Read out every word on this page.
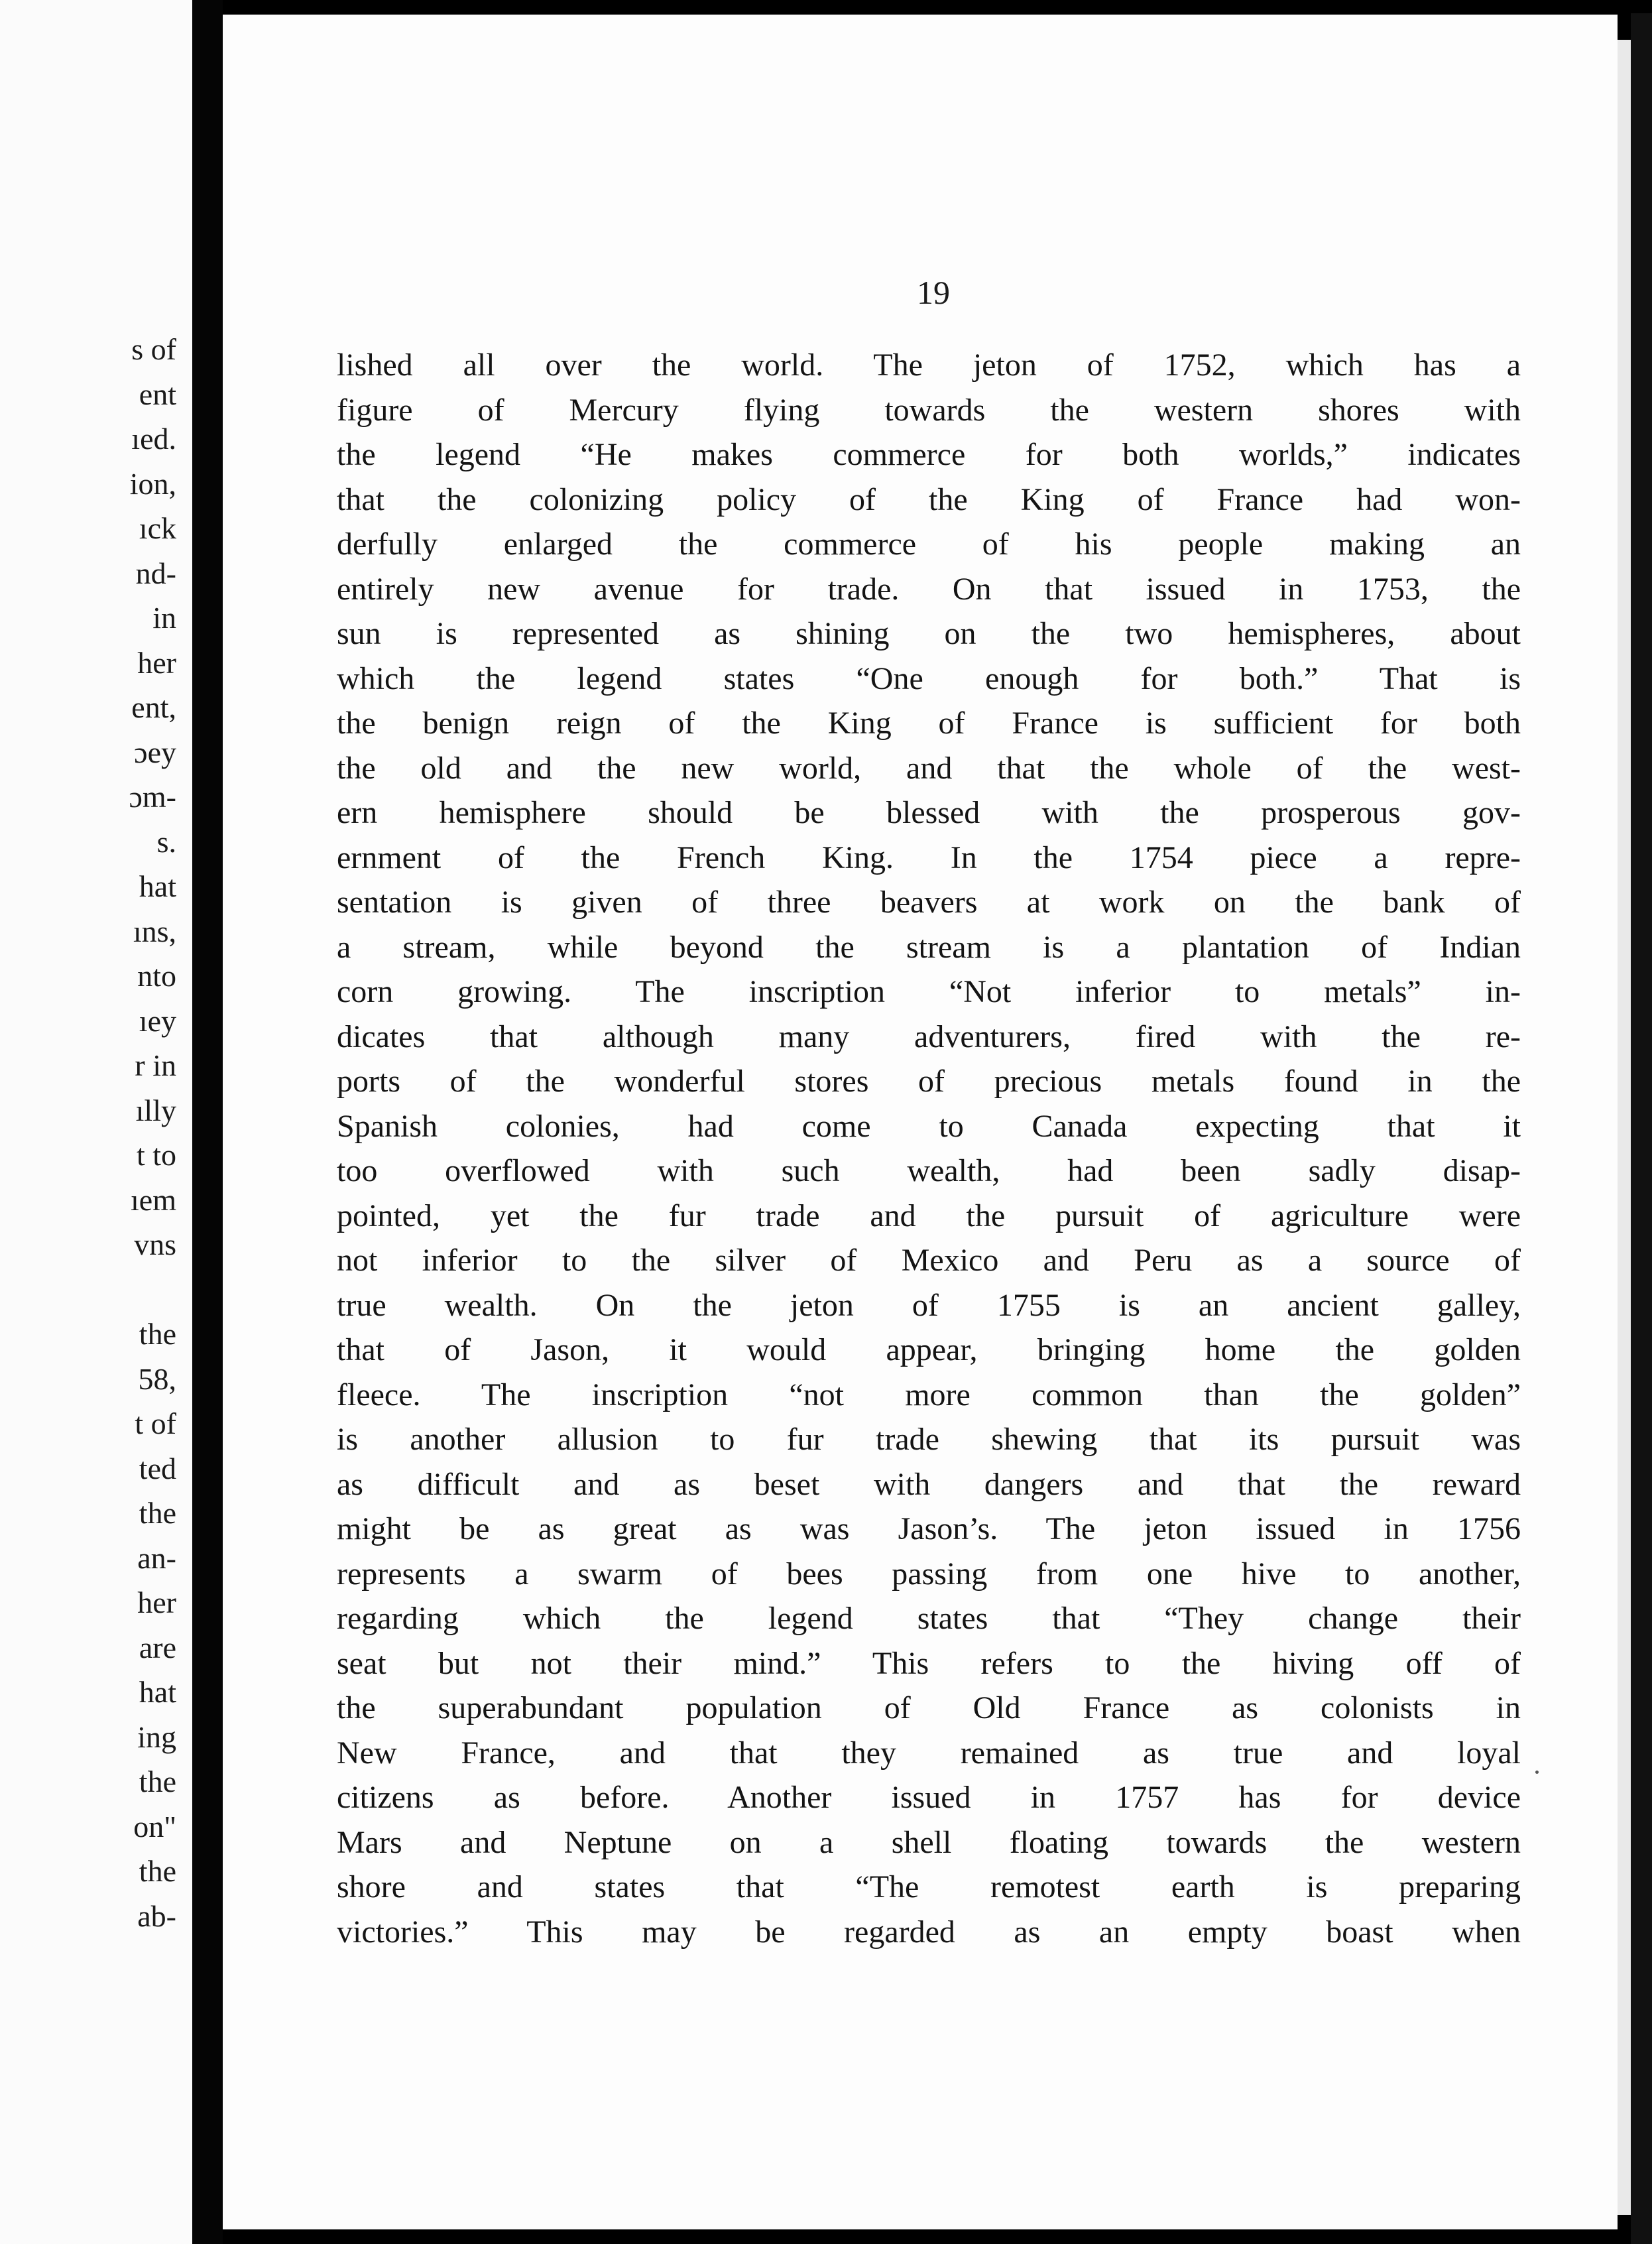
s of
ent
ıed.
ion,
ıck
nd-
in
her
ent,
ɔey
ɔm-
s.
hat
ıns,
nto
ıey
r in
ılly
t to
ıem
vns
the
58,
t of
ted
the
an-
her
are
hat
ing
the
on"
the
ab-
19
lished all over the world. The jeton of 1752, which has a
figure of Mercury flying towards the western shores with
the legend “He makes commerce for both worlds,” indicates
that the colonizing policy of the King of France had won-
derfully enlarged the commerce of his people making an
entirely new avenue for trade. On that issued in 1753, the
sun is represented as shining on the two hemispheres, about
which the legend states “One enough for both.” That is
the benign reign of the King of France is sufficient for both
the old and the new world, and that the whole of the west-
ern hemisphere should be blessed with the prosperous gov-
ernment of the French King. In the 1754 piece a repre-
sentation is given of three beavers at work on the bank of
a stream, while beyond the stream is a plantation of Indian
corn growing. The inscription “Not inferior to metals” in-
dicates that although many adventurers, fired with the re-
ports of the wonderful stores of precious metals found in the
Spanish colonies, had come to Canada expecting that it
too overflowed with such wealth, had been sadly disap-
pointed, yet the fur trade and the pursuit of agriculture were
not inferior to the silver of Mexico and Peru as a source of
true wealth. On the jeton of 1755 is an ancient galley,
that of Jason, it would appear, bringing home the golden
fleece. The inscription “not more common than the golden”
is another allusion to fur trade shewing that its pursuit was
as difficult and as beset with dangers and that the reward
might be as great as was Jason’s. The jeton issued in 1756
represents a swarm of bees passing from one hive to another,
regarding which the legend states that “They change their
seat but not their mind.” This refers to the hiving off of
the superabundant population of Old France as colonists in
New France, and that they remained as true and loyal
citizens as before. Another issued in 1757 has for device
Mars and Neptune on a shell floating towards the western
shore and states that “The remotest earth is preparing
victories.” This may be regarded as an empty boast when
